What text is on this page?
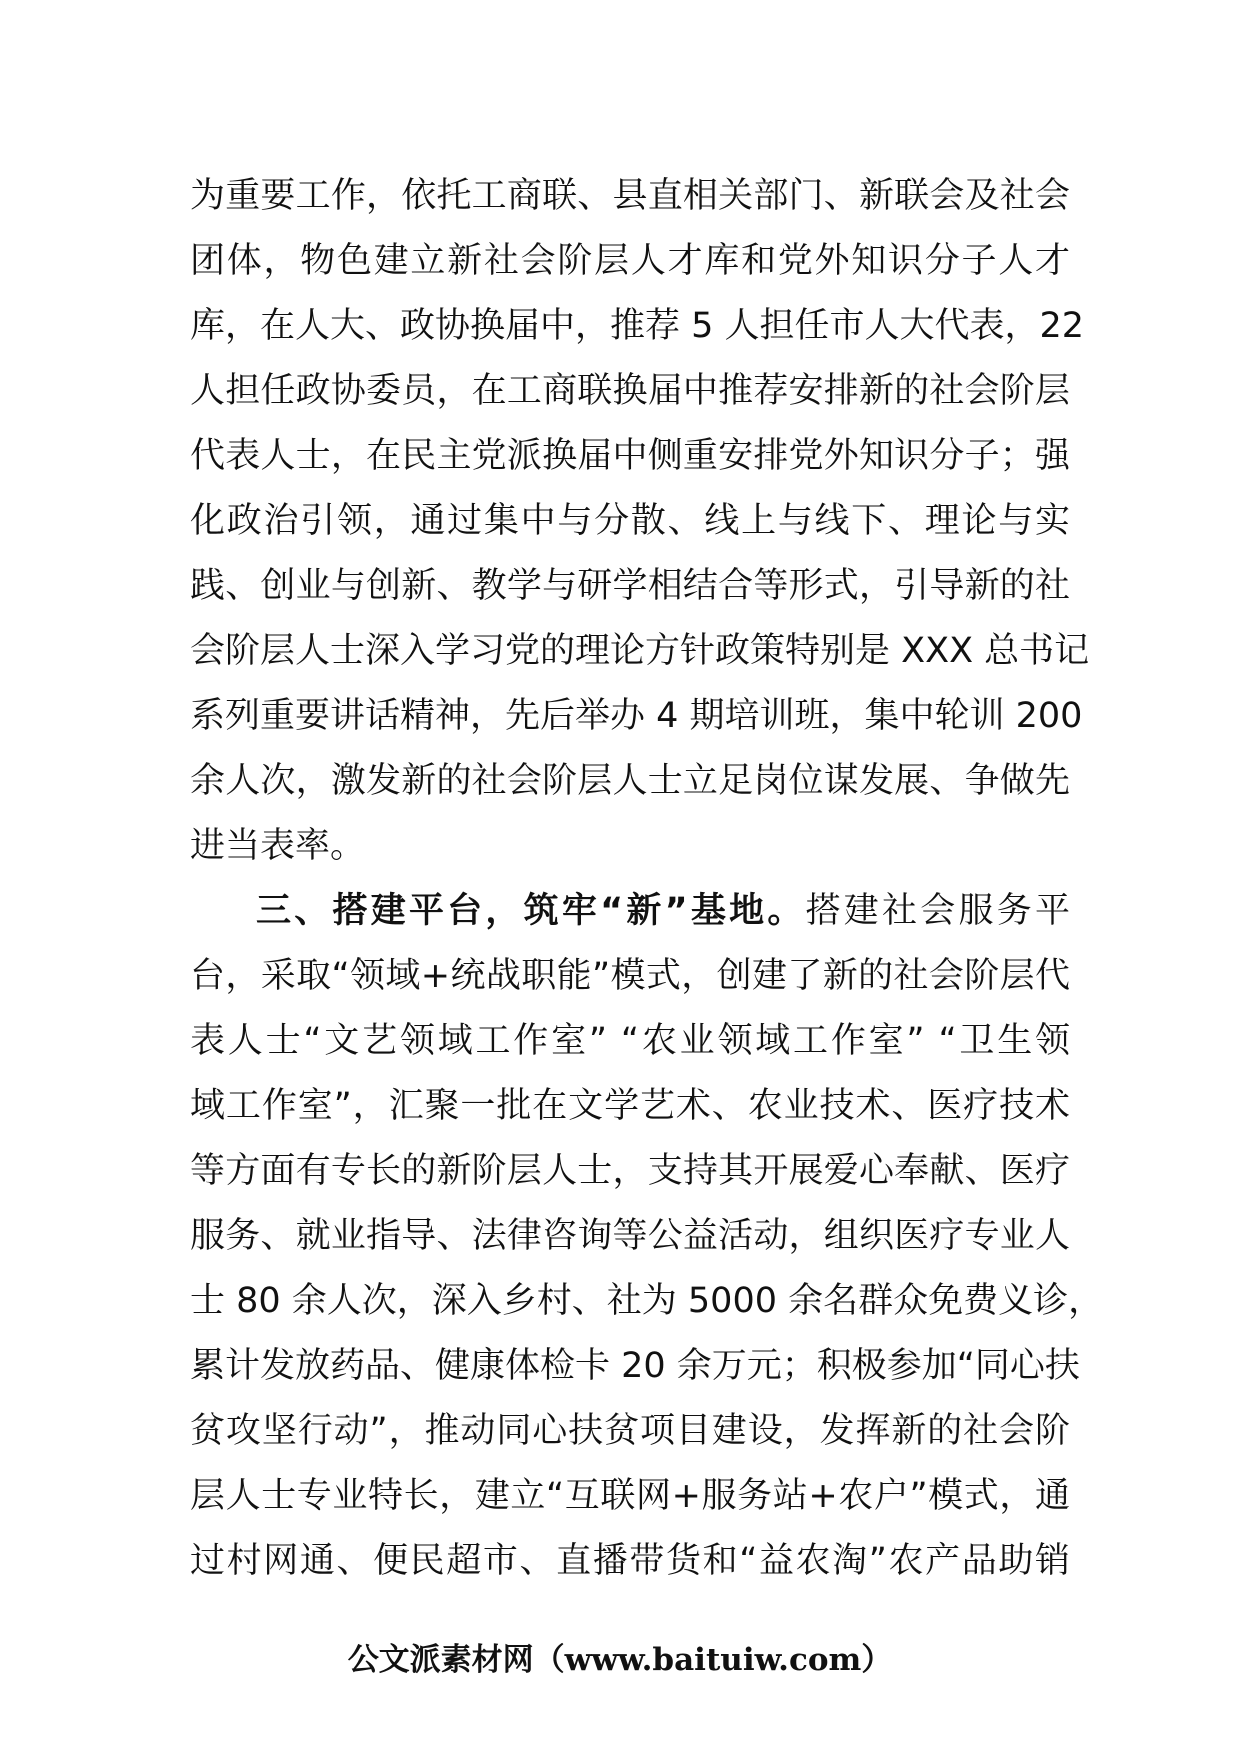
为重要工作，依托工商联、县直相关部门、新联会及社会
团体，物色建立新社会阶层人才库和党外知识分子人才
库，在人大、政协换届中，推荐 5 人担任市人大代表，22
人担任政协委员，在工商联换届中推荐安排新的社会阶层
代表人士，在民主党派换届中侧重安排党外知识分子；强
化政治引领，通过集中与分散、线上与线下、理论与实
践、创业与创新、教学与研学相结合等形式，引导新的社
会阶层人士深入学习党的理论方针政策特别是 XXX 总书记
系列重要讲话精神，先后举办 4 期培训班，集中轮训 200
余人次，激发新的社会阶层人士立足岗位谋发展、争做先
进当表率。
三、搭建平台，筑牢“新”基地。搭建社会服务平
台，采取“领域+统战职能”模式，创建了新的社会阶层代
表人士“文艺领域工作室” “农业领域工作室” “卫生领
域工作室”，汇聚一批在文学艺术、农业技术、医疗技术
等方面有专长的新阶层人士，支持其开展爱心奉献、医疗
服务、就业指导、法律咨询等公益活动，组织医疗专业人
士 80 余人次，深入乡村、社为 5000 余名群众免费义诊，
累计发放药品、健康体检卡 20 余万元；积极参加“同心扶
贫攻坚行动”，推动同心扶贫项目建设，发挥新的社会阶
层人士专业特长，建立“互联网+服务站+农户”模式，通
过村网通、便民超市、直播带货和“益农淘”农产品助销
公文派素材网（www.baituiw.com）
